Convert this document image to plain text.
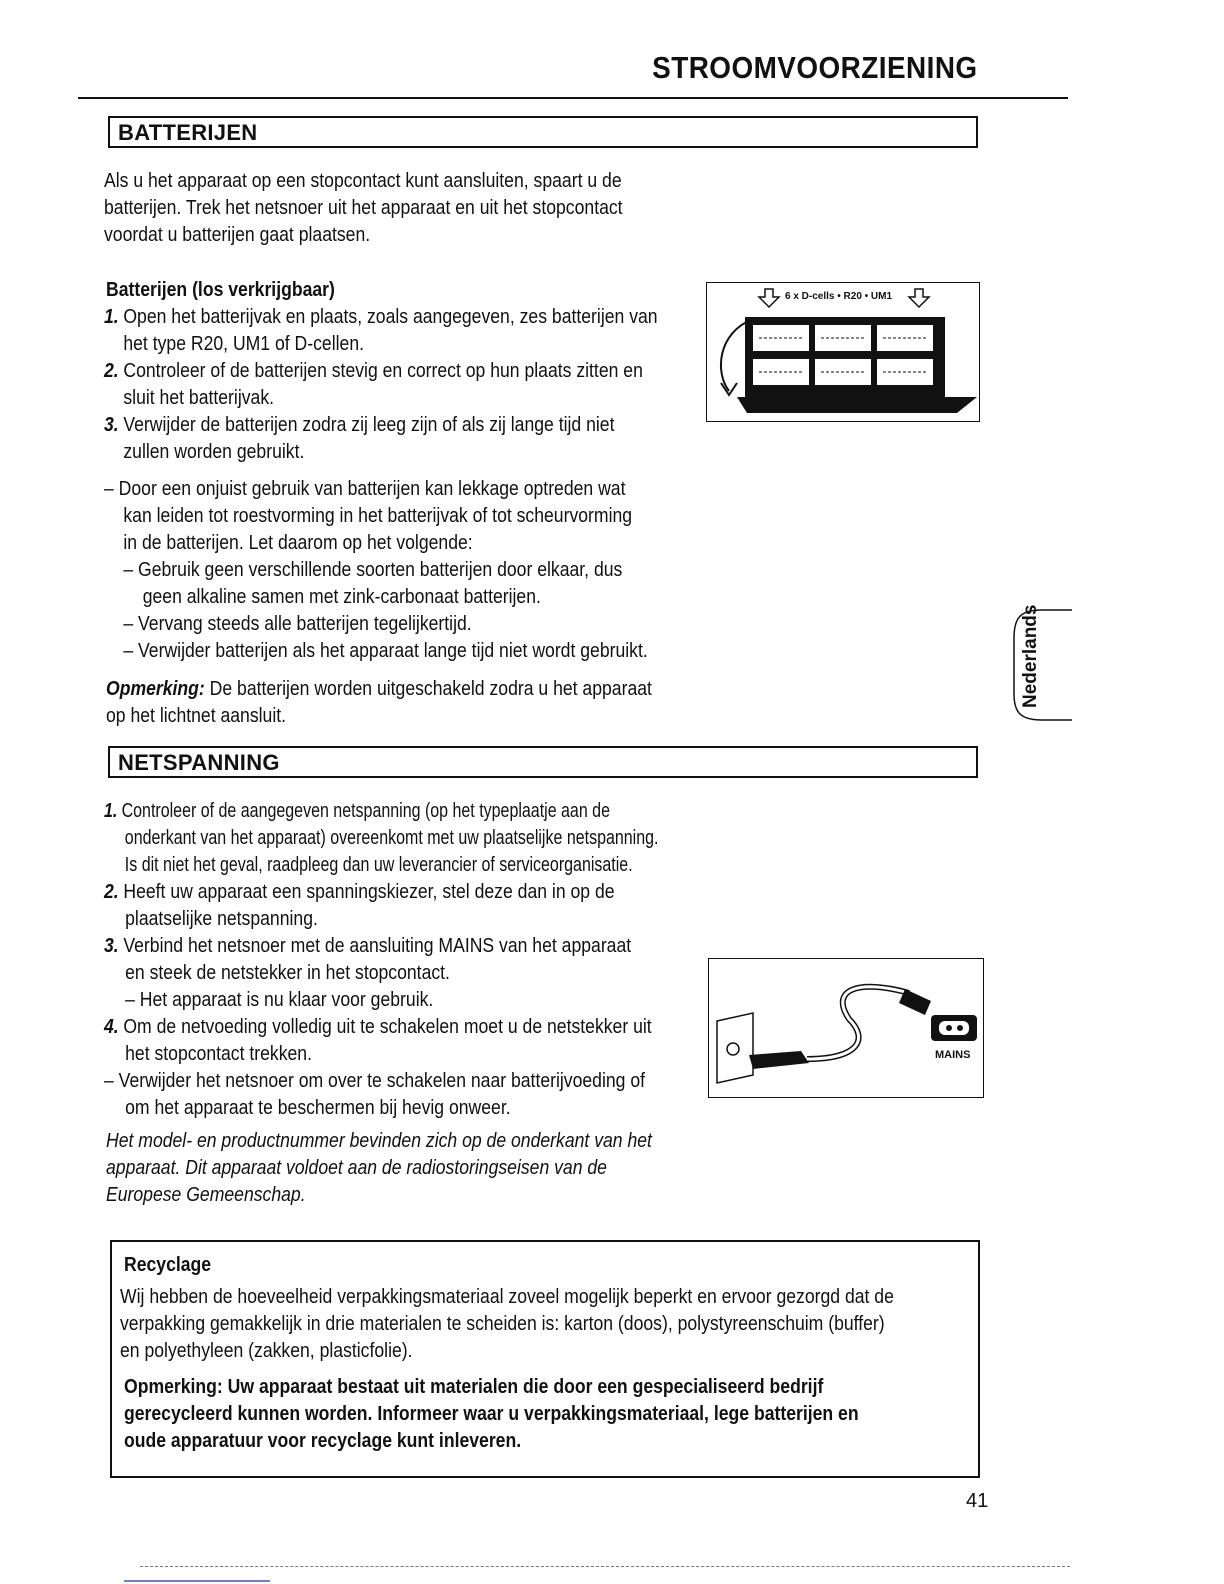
STROOMVOORZIENING
BATTERIJEN
Als u het apparaat op een stopcontact kunt aansluiten, spaart u de
batterijen. Trek het netsnoer uit het apparaat en uit het stopcontact
voordat u batterijen gaat plaatsen.
Batterijen (los verkrijgbaar)
1. Open het batterijvak en plaats, zoals aangegeven, zes batterijen van
het type R20, UM1 of D-cellen.
2. Controleer of de batterijen stevig en correct op hun plaats zitten en
sluit het batterijvak.
3. Verwijder de batterijen zodra zij leeg zijn of als zij lange tijd niet
zullen worden gebruikt.
6 x D-cells • R20 • UM1
– Door een onjuist gebruik van batterijen kan lekkage optreden wat
kan leiden tot roestvorming in het batterijvak of tot scheurvorming
in de batterijen. Let daarom op het volgende:
– Gebruik geen verschillende soorten batterijen door elkaar, dus
geen alkaline samen met zink-carbonaat batterijen.
– Vervang steeds alle batterijen tegelijkertijd.
– Verwijder batterijen als het apparaat lange tijd niet wordt gebruikt.
Opmerking: De batterijen worden uitgeschakeld zodra u het apparaat
op het lichtnet aansluit.
Nederlands
NETSPANNING
1. Controleer of de aangegeven netspanning (op het typeplaatje aan de
onderkant van het apparaat) overeenkomt met uw plaatselijke netspanning.
Is dit niet het geval, raadpleeg dan uw leverancier of serviceorganisatie.
2. Heeft uw apparaat een spanningskiezer, stel deze dan in op de
plaatselijke netspanning.
3. Verbind het netsnoer met de aansluiting MAINS van het apparaat
en steek de netstekker in het stopcontact.
– Het apparaat is nu klaar voor gebruik.
4. Om de netvoeding volledig uit te schakelen moet u de netstekker uit
het stopcontact trekken.
– Verwijder het netsnoer om over te schakelen naar batterijvoeding of
om het apparaat te beschermen bij hevig onweer.
MAINS
Het model- en productnummer bevinden zich op de onderkant van het
apparaat. Dit apparaat voldoet aan de radiostoringseisen van de
Europese Gemeenschap.
Recyclage
Wij hebben de hoeveelheid verpakkingsmateriaal zoveel mogelijk beperkt en ervoor gezorgd dat de
verpakking gemakkelijk in drie materialen te scheiden is: karton (doos), polystyreenschuim (buffer)
en polyethyleen (zakken, plasticfolie).
Opmerking: Uw apparaat bestaat uit materialen die door een gespecialiseerd bedrijf
gerecycleerd kunnen worden. Informeer waar u verpakkingsmateriaal, lege batterijen en
oude apparatuur voor recyclage kunt inleveren.
41
